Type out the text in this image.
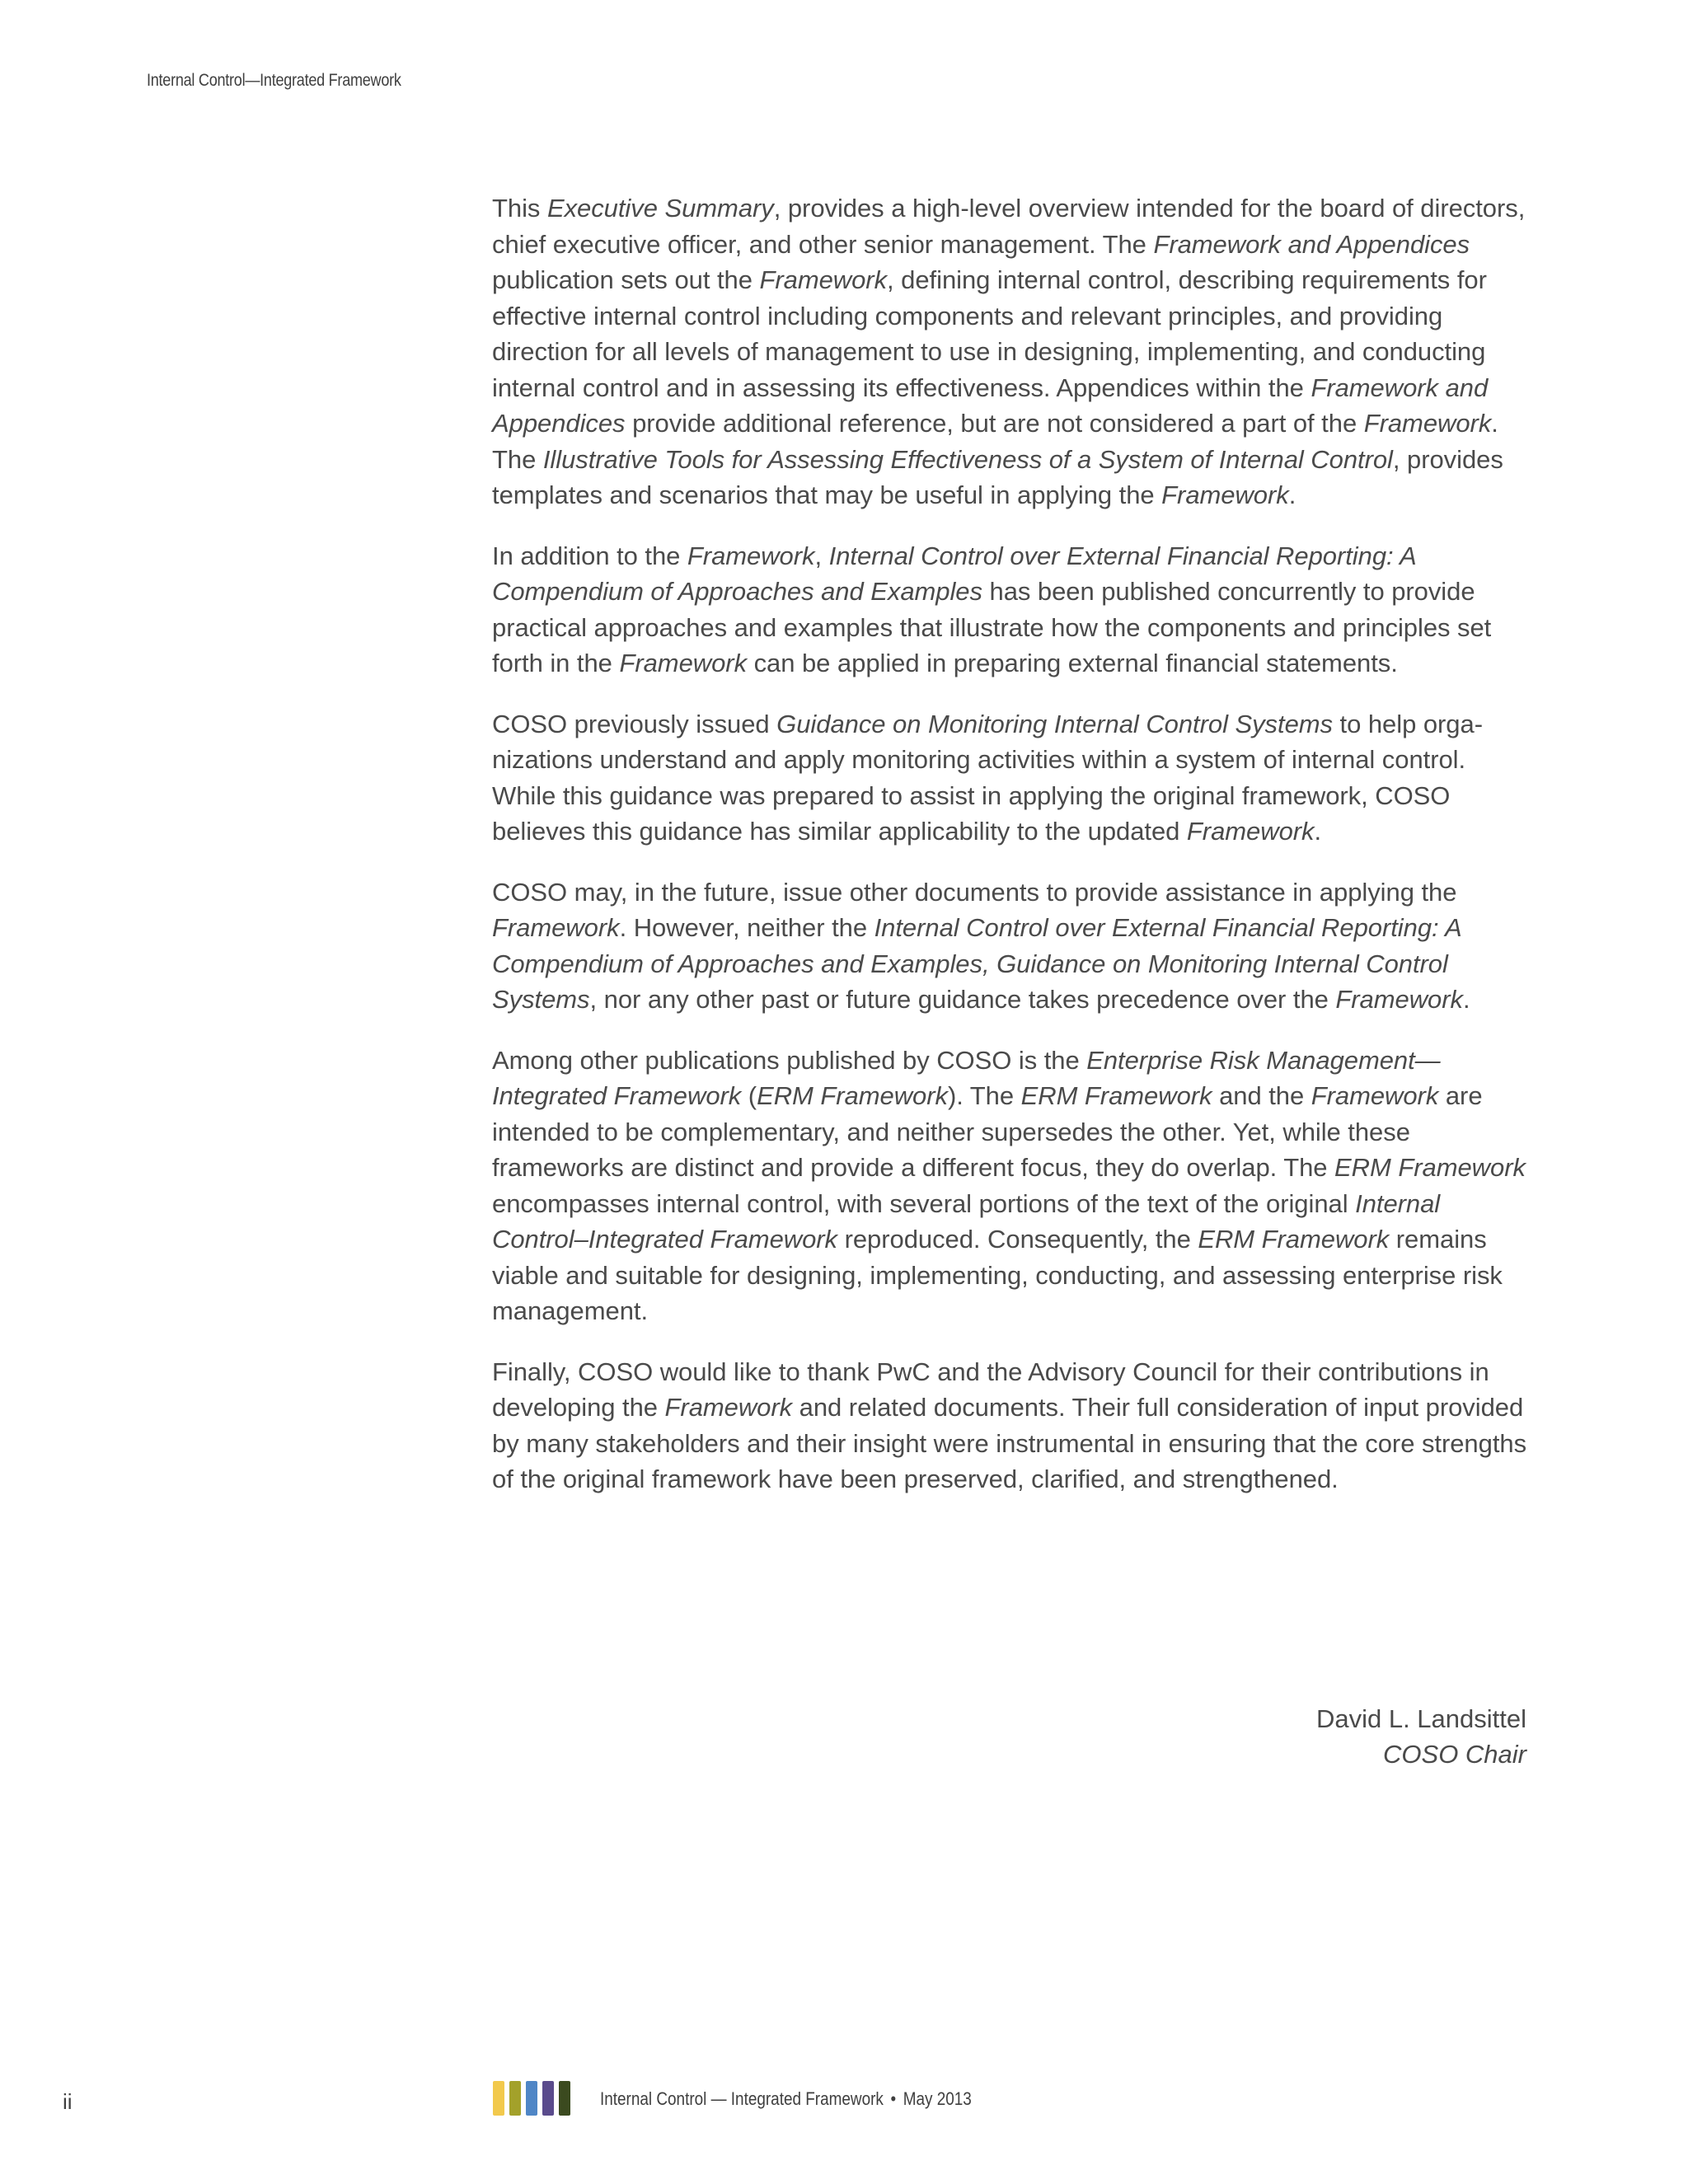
Internal Control—Integrated Framework

This Executive Summary, provides a high-level overview intended for the board of directors, chief executive officer, and other senior management. The Framework and Appendices publication sets out the Framework, defining internal control, describing requirements for effective internal control including components and relevant principles, and providing direction for all levels of management to use in designing, implementing, and conducting internal control and in assessing its effectiveness. Appendices within the Framework and Appendices provide additional reference, but are not considered a part of the Framework. The Illustrative Tools for Assessing Effectiveness of a System of Internal Control, provides templates and scenarios that may be useful in applying the Framework.

In addition to the Framework, Internal Control over External Financial Reporting: A Compendium of Approaches and Examples has been published concurrently to provide practical approaches and examples that illustrate how the components and principles set forth in the Framework can be applied in preparing external financial statements.

COSO previously issued Guidance on Monitoring Internal Control Systems to help organizations understand and apply monitoring activities within a system of internal control. While this guidance was prepared to assist in applying the original framework, COSO believes this guidance has similar applicability to the updated Framework.

COSO may, in the future, issue other documents to provide assistance in applying the Framework. However, neither the Internal Control over External Financial Reporting: A Compendium of Approaches and Examples, Guidance on Monitoring Internal Control Systems, nor any other past or future guidance takes precedence over the Framework.

Among other publications published by COSO is the Enterprise Risk Management—Integrated Framework (ERM Framework). The ERM Framework and the Framework are intended to be complementary, and neither supersedes the other. Yet, while these frameworks are distinct and provide a different focus, they do overlap. The ERM Framework encompasses internal control, with several portions of the text of the original Internal Control–Integrated Framework reproduced. Consequently, the ERM Framework remains viable and suitable for designing, implementing, conducting, and assessing enterprise risk management.

Finally, COSO would like to thank PwC and the Advisory Council for their contributions in developing the Framework and related documents. Their full consideration of input provided by many stakeholders and their insight were instrumental in ensuring that the core strengths of the original framework have been preserved, clarified, and strengthened.

David L. Landsittel
COSO Chair
ii	Internal Control — Integrated Framework • May 2013
